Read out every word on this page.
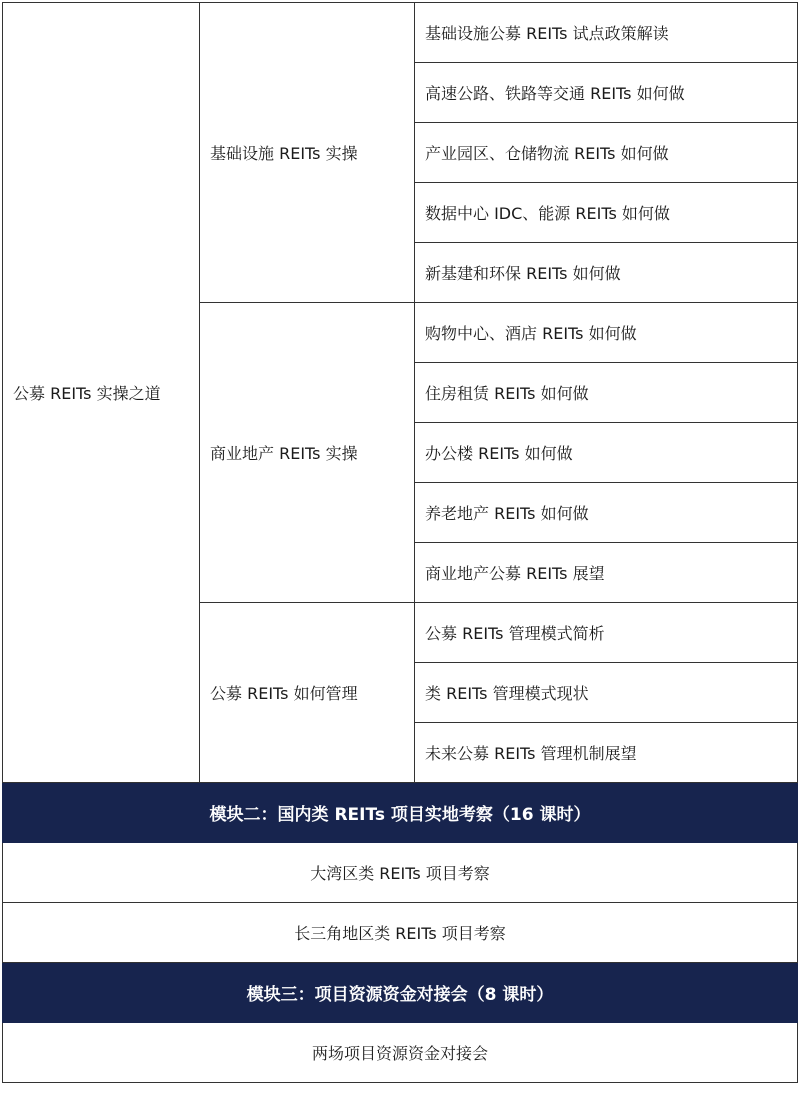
公募 REITs 实操之道	基础设施 REITs 实操	基础设施公募 REITs 试点政策解读
		高速公路、铁路等交通 REITs 如何做
		产业园区、仓储物流 REITs 如何做
		数据中心 IDC、能源 REITs 如何做
		新基建和环保 REITs 如何做
	商业地产 REITs 实操	购物中心、酒店 REITs 如何做
		住房租赁 REITs 如何做
		办公楼 REITs 如何做
		养老地产 REITs 如何做
		商业地产公募 REITs 展望
	公募 REITs 如何管理	公募 REITs 管理模式简析
		类 REITs 管理模式现状
		未来公募 REITs 管理机制展望
模块二：国内类 REITs 项目实地考察（16 课时）		
大湾区类 REITs 项目考察		
长三角地区类 REITs 项目考察		
模块三：项目资源资金对接会（8 课时）		
两场项目资源资金对接会		
